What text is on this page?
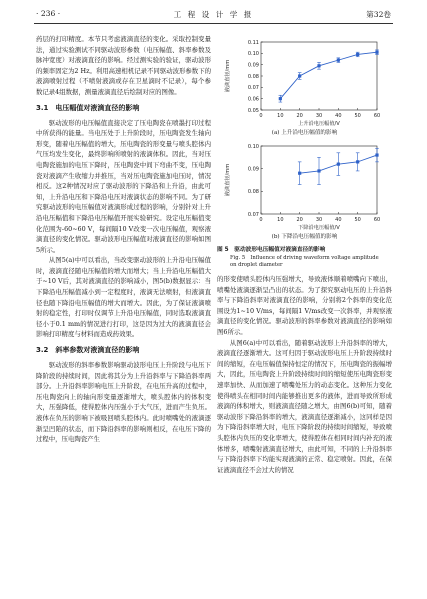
· 236 ·	工 程 设 计 学 报	第32卷

药层的打印精度。本节只考虑液滴直径的变化。采取控制变量法，通过实验测试不同驱动波形参数（电压幅值、斜率参数及脉冲宽度）对液滴直径的影响。经过测实验的验证，驱动波形的频率固定为2 Hz。利用高速相机记录不同驱动波形参数下的液滴喷射过程（不喷射液滴或存在卫星滴时不记录），每个参数记录4组数据，测量液滴直径后绘制对应的图像。

3.1　电压幅值对液滴直径的影响

驱动波形的电压幅值直接决定了压电陶瓷在喷墨打印过程中所获得的能量。当电压处于上升阶段时，压电陶瓷发生轴向形变，随着电压幅值的增大，压电陶瓷的形变量与喷头腔体内气压均发生变化，最终影响所喷射的液滴体积。因此，当对压电陶瓷施加的电压下降时，压电陶瓷中间下弯曲不变，压电陶瓷对液滴产生收缩力并推压，当对压电陶瓷施加电压时，情况相反。这2种情况对应了驱动波形的下降沿和上升沿，由此可知，上升沿电压和下降沿电压对液滴状态的影响不同。为了研究驱动波形的电压幅值对液滴形成过程的影响，分别针对上升沿电压幅值和下降沿电压幅值开展实验研究。设定电压幅值变化范围为-60~60 V，每间隔10 V改变一次电压幅值，观察液滴直径的变化情况。驱动波形电压幅值对液滴直径的影响如图5所示。

从图5(a)中可以看出，当改变驱动波形的上升沿电压幅值时，液滴直径随电压幅值的增大而增大；当上升沿电压幅值大于~10 V后，其对液滴直径的影响减小，图5(b)数据显示：当下降沿电压幅值减小到一定程度时，液滴无法喷射，但液滴直径也随下降沿电压幅值的增大而增大。因此，为了保证液滴喷射的稳定性，打印时仅调节上升沿电压幅值，同时选取液滴直径小于0.1 mm的情况进行打印，这是因为过大的液滴直径会影响打印精度与材料而造成药效果。

3.2　斜率参数对液滴直径的影响

驱动波形的斜率参数影响驱动波形电压上升阶段与电压下降阶段的持续时间，因此将其分为上升沿斜率与下降沿斜率两部分。上升沿斜率影响电压上升阶段，在电压升高的过程中，压电陶瓷向上的轴向形变量逐渐增大，喷头腔体内的体积变大，压强降低，使得腔体内压强小于大气压，进而产生负压。液体在负压的影响下被吸回喷头腔体内。此时喷嘴处的液滴逐渐呈凹陷的状态，而下降沿斜率的影响则相反，在电压下降的过程中，压电陶瓷产生

0	10	20	30	40	50	60
0.05
0.06
0.07
0.08
0.09
0.10
0.11
上升沿电压幅值/V
液滴直径/mm
(a) 上升沿电压幅值的影响
0	10	20	30	40	50	60
0.07
0.08
0.09
0.10
下降沿电压幅值/V
液滴直径/mm
(b) 下降沿电压幅值的影响
图 5　驱动波形电压幅值对液滴直径的影响
Fig. 5　Influence of driving waveform voltage amplitude
on droplet diameter

的形变使喷头腔体内压强增大，导致液体顺着喷嘴向下喷出，喷嘴处液滴逐渐呈凸出的状态。为了探究驱动电压的上升沿斜率与下降沿斜率对液滴直径的影响，分别将2个斜率的变化范围设为1~10 V/ms，每间隔1 V/ms改变一次斜率，并观察液滴直径的变化情况。驱动波形的斜率参数对液滴直径的影响如图6所示。

从图6(a)中可以看出，随着驱动波形上升沿斜率的增大，液滴直径逐渐增大。这可归因于驱动波形电压上升阶段持续时间的缩短，在电压幅值保持恒定的情况下，压电陶瓷的振幅增大，因此，压电陶瓷上升阶段持续时间的缩短使压电陶瓷形变速率加快、从而加速了喷嘴处压力的动态变化。这种压力变化使得喷头在相同时间内能够推出更多的液体，进而导致所形成液滴的体积增大，则液滴直径随之增大，由图6(b)可知，随着驱动波形下降沿斜率的增大，液滴直径逐渐减小，这同样是因为下降沿斜率增大时，电压下降阶段的持续时间缩短，导致喷头腔体内负压的变化率增大，使得腔体在相同时间内补充的液体增多，喷嘴射液滴直径增大，由此可知，不同的上升沿斜率与下降沿斜率下均能实现液滴的正常、稳定喷射。因此，在保证液滴直径不会过大的情况
